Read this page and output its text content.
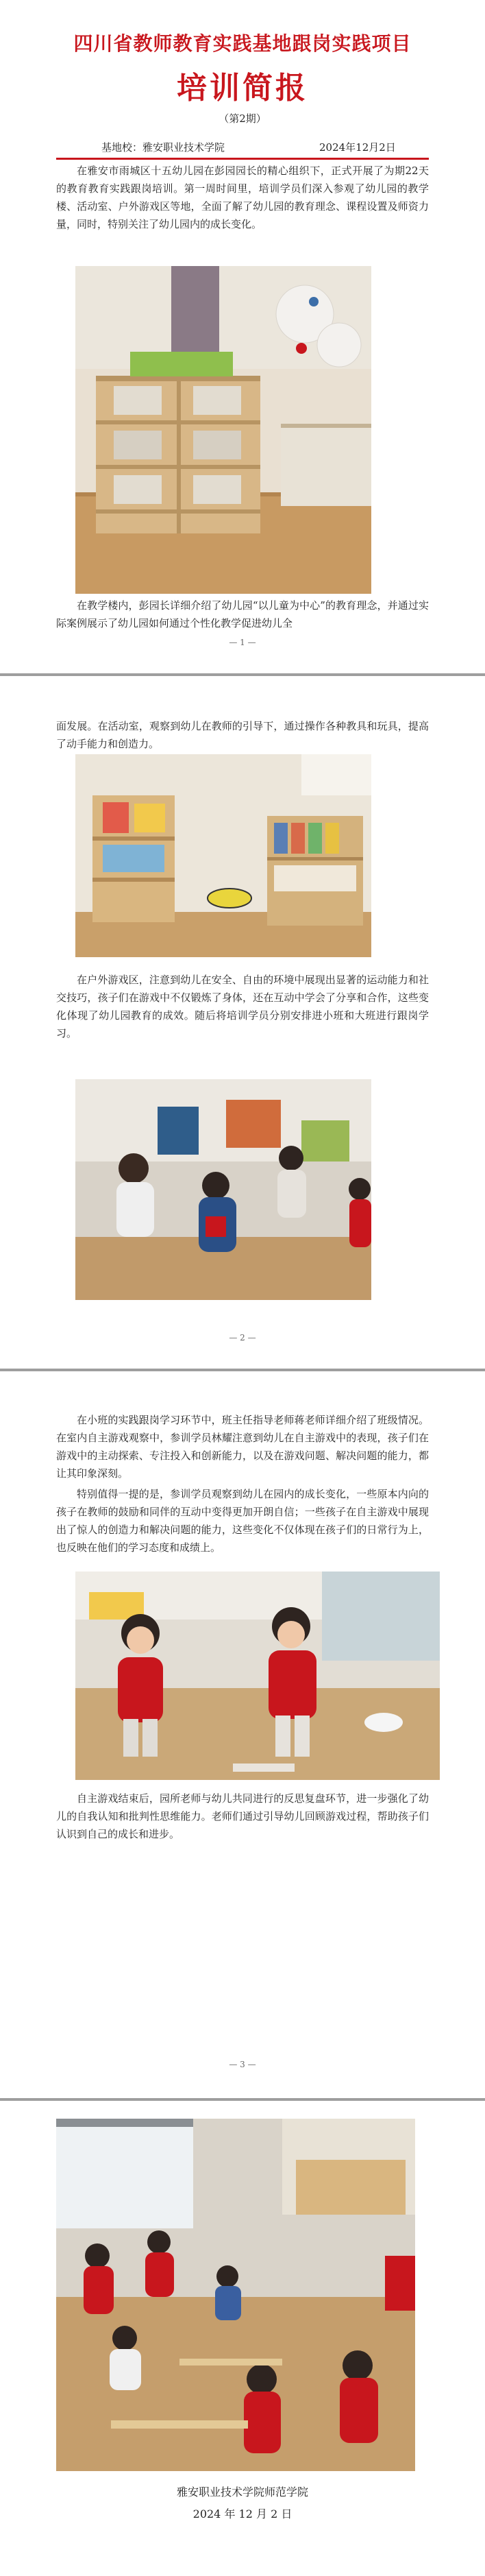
四川省教师教育实践基地跟岗实践项目
培训简报
（第2期）
基地校：雅安职业技术学院	2024年12月2日
在雅安市雨城区十五幼儿园在彭园园长的精心组织下，正式开展了为期22天的教育教育实践跟岗培训。第一周时间里，培训学员们深入参观了幼儿园的教学楼、活动室、户外游戏区等地，全面了解了幼儿园的教育理念、课程设置及师资力量，同时，特别关注了幼儿园内的成长变化。
在教学楼内，彭园长详细介绍了幼儿园“以儿童为中心”的教育理念，并通过实际案例展示了幼儿园如何通过个性化教学促进幼儿全
— 1 —
面发展。在活动室，观察到幼儿在教师的引导下，通过操作各种教具和玩具，提高了动手能力和创造力。
在户外游戏区，注意到幼儿在安全、自由的环境中展现出显著的运动能力和社交技巧，孩子们在游戏中不仅锻炼了身体，还在互动中学会了分享和合作，这些变化体现了幼儿园教育的成效。随后将培训学员分别安排进小班和大班进行跟岗学习。
— 2 —
在小班的实践跟岗学习环节中，班主任指导老师蒋老师详细介绍了班级情况。在室内自主游戏观察中，参训学员林耀注意到幼儿在自主游戏中的表现，孩子们在游戏中的主动探索、专注投入和创新能力，以及在游戏问题、解决问题的能力，都让其印象深刻。
特别值得一提的是，参训学员观察到幼儿在园内的成长变化，一些原本内向的孩子在教师的鼓励和同伴的互动中变得更加开朗自信；一些孩子在自主游戏中展现出了惊人的创造力和解决问题的能力，这些变化不仅体现在孩子们的日常行为上，也反映在他们的学习态度和成绩上。
自主游戏结束后，园所老师与幼儿共同进行的反思复盘环节，进一步强化了幼儿的自我认知和批判性思维能力。老师们通过引导幼儿回顾游戏过程，帮助孩子们认识到自己的成长和进步。
— 3 —
雅安职业技术学院师范学院
2024 年 12 月 2 日
